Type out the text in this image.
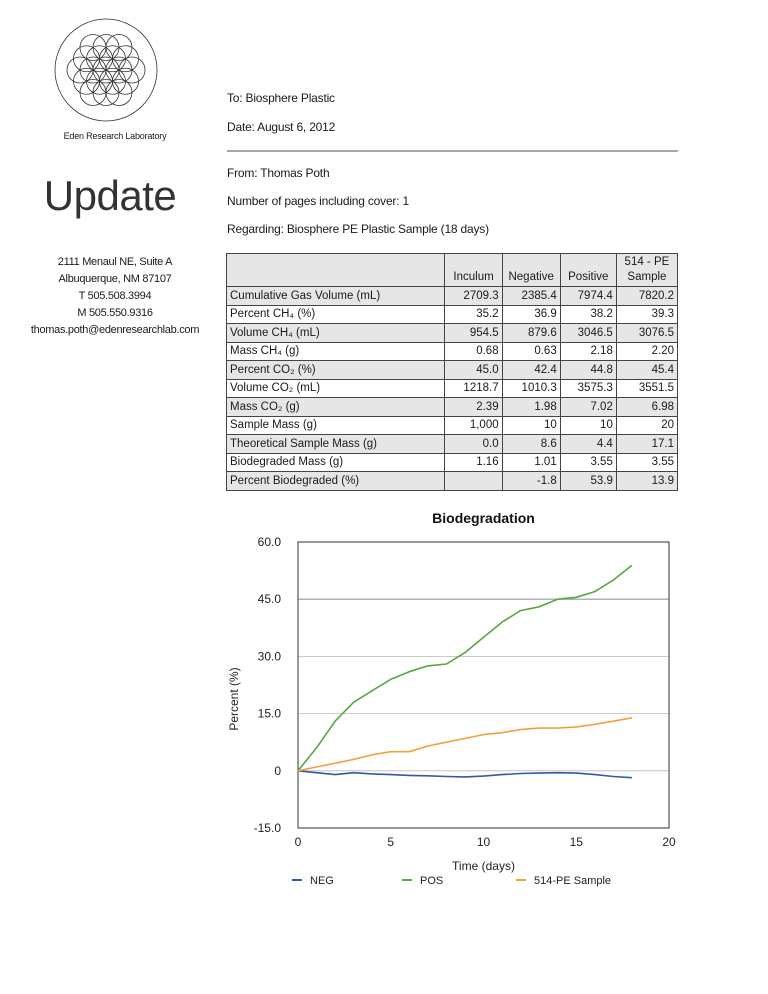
Eden Research Laboratory
Update
2111 Menaul NE, Suite A
Albuquerque, NM 87107
T 505.508.3994
M 505.550.9316
thomas.poth@edenresearchlab.com
To: Biosphere Plastic
Date: August 6, 2012
From: Thomas Poth
Number of pages including cover: 1
Regarding: Biosphere PE Plastic Sample (18 days)
	Inculum	Negative	Positive	514 - PE Sample
Cumulative Gas Volume (mL)	2709.3	2385.4	7974.4	7820.2
Percent CH₄ (%)	35.2	36.9	38.2	39.3
Volume CH₄ (mL)	954.5	879.6	3046.5	3076.5
Mass CH₄ (g)	0.68	0.63	2.18	2.20
Percent CO₂ (%)	45.0	42.4	44.8	45.4
Volume CO₂ (mL)	1218.7	1010.3	3575.3	3551.5
Mass CO₂ (g)	2.39	1.98	7.02	6.98
Sample Mass (g)	1,000	10	10	20
Theoretical Sample Mass (g)	0.0	8.6	4.4	17.1
Biodegraded Mass (g)	1.16	1.01	3.55	3.55
Percent Biodegraded (%)		-1.8	53.9	13.9
Biodegradation
-15.0
0
15.0
30.0
45.0
60.0
0	5	10	15	20
Time (days)
Percent (%)
NEG	POS	514-PE Sample
